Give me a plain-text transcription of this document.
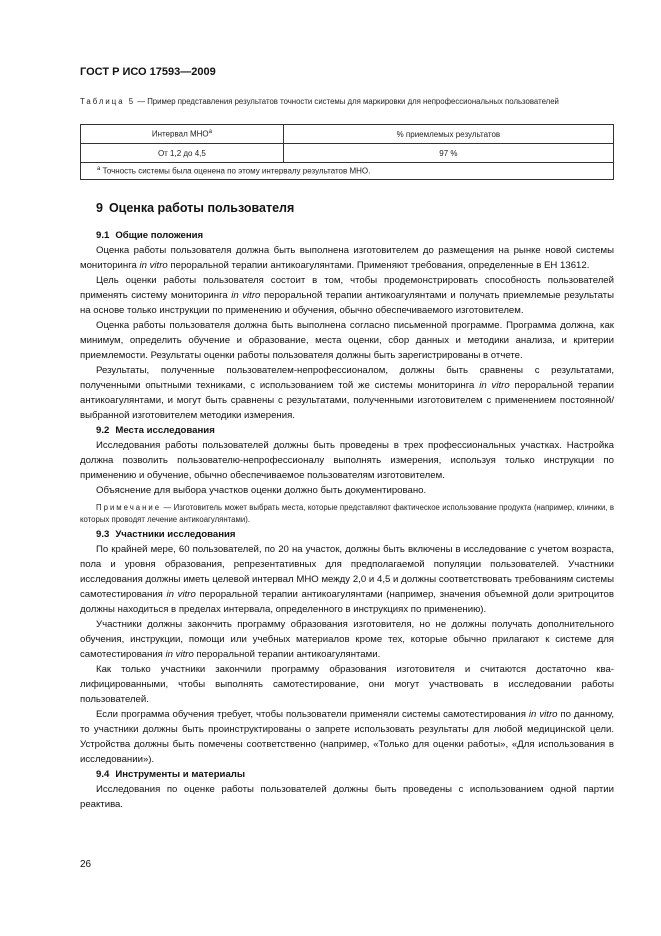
ГОСТ Р ИСО 17593—2009
Таблица 5 — Пример представления результатов точности системы для маркировки для непрофессиональных пользователей
Интервал МНО$^a$	% приемлемых результатов
От 1,2 до 4,5	97 %
$^а$ Точность системы была оценена по этому интервалу результатов МНО.	
9 Оценка работы пользователя
9.1 Общие положения

Оценка работы пользователя должна быть выполнена изготовителем до размещения на рынке новой системы мониторинга in vitro пероральной терапии антикоагулянтами. Применяют требования, определенные в ЕН 13612.

Цель оценки работы пользователя состоит в том, чтобы продемонстрировать способность пользователей применять систему мониторинга in vitro пероральной терапии антикоагулянтами и получать приемлемые результаты на основе только инструкции по применению и обучения, обычно обеспечиваемого изготовителем.

Оценка работы пользователя должна быть выполнена согласно письменной программе. Программа должна, как минимум, определить обучение и образование, места оценки, сбор данных и методики анализа, и критерии приемлемости. Результаты оценки работы пользователя должны быть зарегистрированы в отчете.

Результаты, полученные пользователем-непрофессионалом, должны быть сравнены с результатами, полученными опытными техниками, с использованием той же системы мониторинга in vitro пероральной терапии антикоагулянтами, и могут быть сравнены с результатами, полученными изготовителем с применением постоянной/выбранной изготовителем методики измерения.

9.2 Места исследования

Исследования работы пользователей должны быть проведены в трех профессиональных участках. Настройка должна позволить пользователю-непрофессионалу выполнять измерения, используя только инструкции по применению и обучение, обычно обеспечиваемое пользователям изготовителем.

Объяснение для выбора участков оценки должно быть документировано.

Примечание — Изготовитель может выбрать места, которые представляют фактическое использование продукта (например, клиники, в которых проводят лечение антикоагулянтами).

9.3 Участники исследования

По крайней мере, 60 пользователей, по 20 на участок, должны быть включены в исследование с учетом возраста, пола и уровня образования, репрезентативных для предполагаемой популяции пользователей. Участники исследования должны иметь целевой интервал МНО между 2,0 и 4,5 и должны соответствовать требованиям системы самотестирования in vitro пероральной терапии антикоагулянтами (например, значения объемной доли эритроцитов должны находиться в пределах интервала, определенного в инструкциях по применению).

Участники должны закончить программу образования изготовителя, но не должны получать дополнительного обучения, инструкции, помощи или учебных материалов кроме тех, которые обычно прилагают к системе для самотестирования in vitro пероральной терапии антикоагулянтами.

Как только участники закончили программу образования изготовителя и считаются достаточно квалифицированными, чтобы выполнять самотестирование, они могут участвовать в исследовании работы пользователей.

Если программа обучения требует, чтобы пользователи применяли системы самотестирования in vitro по данному, то участники должны быть проинструктированы о запрете использовать результаты для любой медицинской цели. Устройства должны быть помечены соответственно (например, «Только для оценки работы», «Для использования в исследовании»).

9.4 Инструменты и материалы

Исследования по оценке работы пользователей должны быть проведены с использованием одной партии реактива.

26
